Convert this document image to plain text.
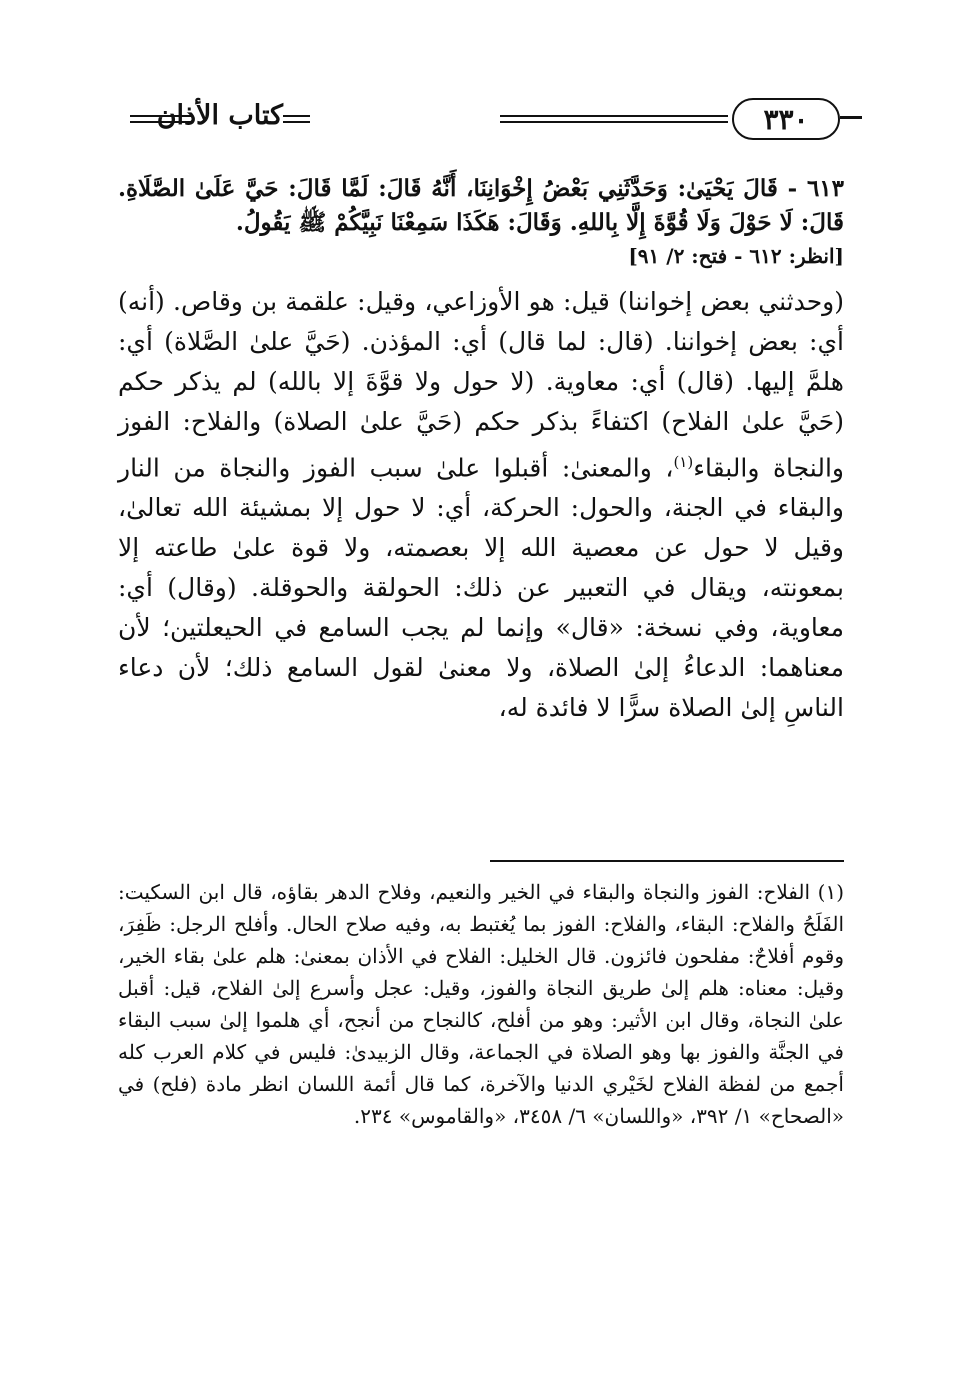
كتاب الأذان	٣٣٠

٦١٣ - قَالَ يَحْيَىٰ: وَحَدَّثَنِي بَعْضُ إِخْوَانِنَا، أَنَّهُ قَالَ: لَمَّا قَالَ: حَيَّ عَلَىٰ الصَّلَاةِ. قَالَ: لَا حَوْلَ وَلَا قُوَّةَ إِلَّا بِاللهِ. وَقَالَ: هَكَذَا سَمِعْنَا نَبِيَّكُمْ ﷺ يَقُولُ.

[انظر: ٦١٢ - فتح: ٢/ ٩١]

(وحدثني بعض إخواننا) قيل: هو الأوزاعي، وقيل: علقمة بن وقاص. (أنه) أي: بعض إخواننا. (قال: لما قال) أي: المؤذن. (حَيَّ علىٰ الصَّلاة) أي: هلمَّ إليها. (قال) أي: معاوية. (لا حول ولا قوَّةَ إلا بالله) لم يذكر حكم (حَيَّ علىٰ الفلاح) اكتفاءً بذكر حكم (حَيَّ علىٰ الصلاة) والفلاح: الفوز والنجاة والبقاء$^{(١)}$، والمعنىٰ: أقبلوا علىٰ سبب الفوز والنجاة من النار والبقاء في الجنة، والحول: الحركة، أي: لا حول إلا بمشيئة الله تعالىٰ، وقيل لا حول عن معصية الله إلا بعصمته، ولا قوة علىٰ طاعته إلا بمعونته، ويقال في التعبير عن ذلك: الحولقة والحوقلة. (وقال) أي: معاوية، وفي نسخة: «قال» وإنما لم يجب السامع في الحيعلتين؛ لأن معناهما: الدعاءُ إلىٰ الصلاة، ولا معنىٰ لقول السامع ذلك؛ لأن دعاء الناسِ إلىٰ الصلاة سرًّا لا فائدة له،

(١) الفلاح: الفوز والنجاة والبقاء في الخير والنعيم، وفلاح الدهر بقاؤه، قال ابن السكيت: الفَلَحُ والفلاح: البقاء، والفلاح: الفوز بما يُغتبط به، وفيه صلاح الحال. وأفلح الرجل: ظَفِرَ، وقوم أفلاحٌ: مفلحون فائزون. قال الخليل: الفلاح في الأذان بمعنىٰ: هلم علىٰ بقاء الخير، وقيل: معناه: هلم إلىٰ طريق النجاة والفوز، وقيل: عجل وأسرع إلىٰ الفلاح، قيل: أقبل علىٰ النجاة، وقال ابن الأثير: وهو من أفلح، كالنجاح من أنجح، أي هلموا إلىٰ سبب البقاء في الجنَّة والفوز بها وهو الصلاة في الجماعة، وقال الزبيدىٰ: فليس في كلام العرب كله أجمع من لفظة الفلاح لخَيْري الدنيا والآخرة، كما قال أئمة اللسان انظر مادة (فلح) في «الصحاح» ١/ ٣٩٢، «واللسان» ٦/ ٣٤٥٨، «والقاموس» ٢٣٤.
